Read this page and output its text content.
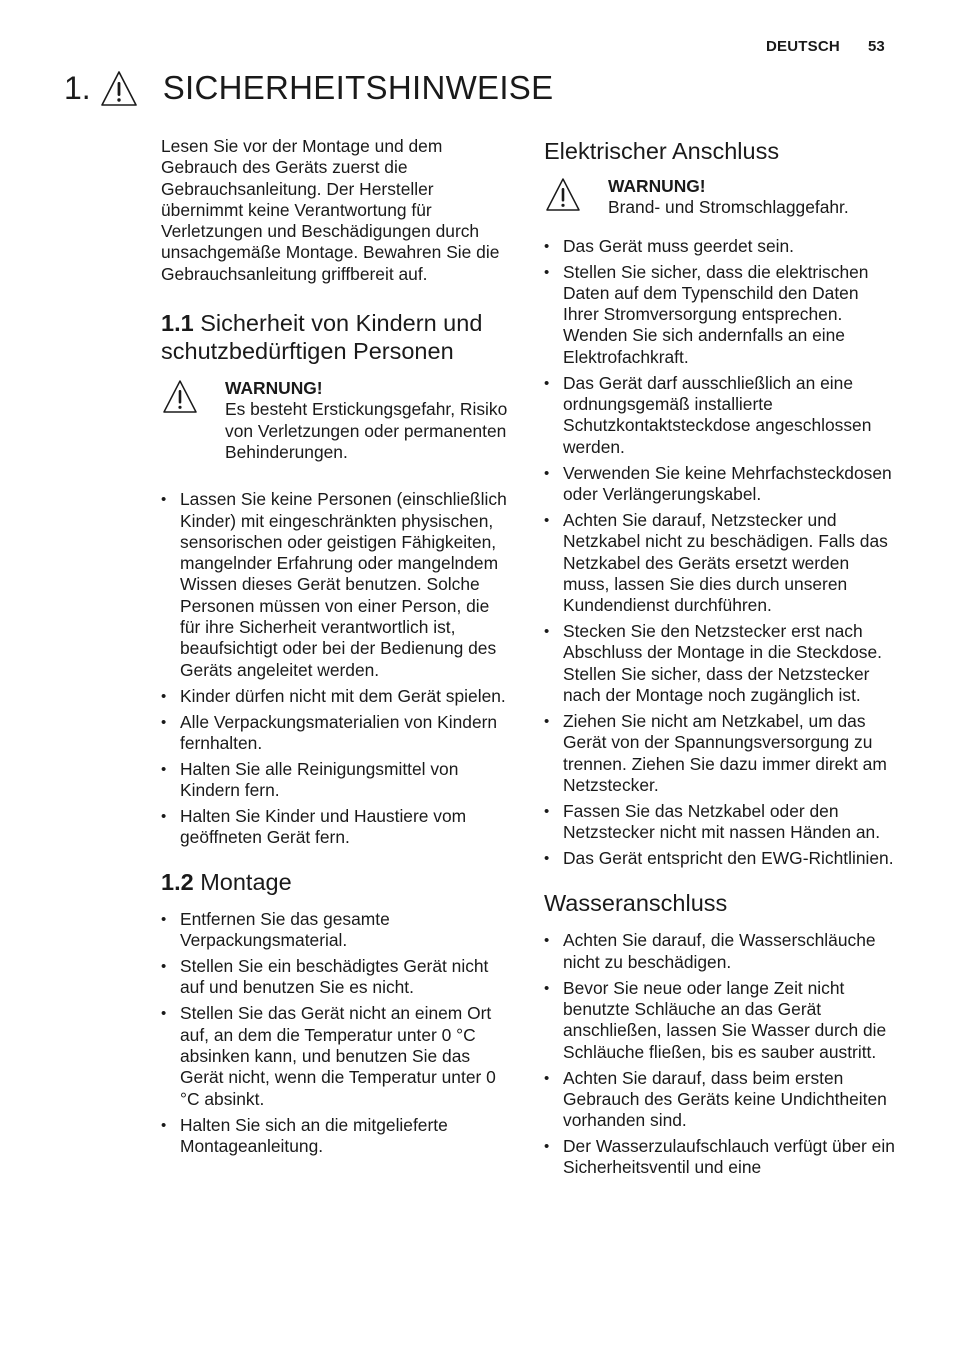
DEUTSCH 53
1. SICHERHEITSHINWEISE

Lesen Sie vor der Montage und dem Gebrauch des Geräts zuerst die Gebrauchsanleitung. Der Hersteller übernimmt keine Verantwortung für Verletzungen und Beschädigungen durch unsachgemäße Montage. Bewahren Sie die Gebrauchsanleitung griffbereit auf.

1.1 Sicherheit von Kindern und schutzbedürftigen Personen
WARNUNG!
Es besteht Erstickungsgefahr, Risiko von Verletzungen oder permanenten Behinderungen.
• Lassen Sie keine Personen (einschließlich Kinder) mit eingeschränkten physischen, sensorischen oder geistigen Fähigkeiten, mangelnder Erfahrung oder mangelndem Wissen dieses Gerät benutzen. Solche Personen müssen von einer Person, die für ihre Sicherheit verantwortlich ist, beaufsichtigt oder bei der Bedienung des Geräts angeleitet werden.
• Kinder dürfen nicht mit dem Gerät spielen.
• Alle Verpackungsmaterialien von Kindern fernhalten.
• Halten Sie alle Reinigungsmittel von Kindern fern.
• Halten Sie Kinder und Haustiere vom geöffneten Gerät fern.
1.2 Montage
• Entfernen Sie das gesamte Verpackungsmaterial.
• Stellen Sie ein beschädigtes Gerät nicht auf und benutzen Sie es nicht.
• Stellen Sie das Gerät nicht an einem Ort auf, an dem die Temperatur unter 0 °C absinken kann, und benutzen Sie das Gerät nicht, wenn die Temperatur unter 0 °C absinkt.
• Halten Sie sich an die mitgelieferte Montageanleitung.
Elektrischer Anschluss
WARNUNG!
Brand- und Stromschlaggefahr.
• Das Gerät muss geerdet sein.
• Stellen Sie sicher, dass die elektrischen Daten auf dem Typenschild den Daten Ihrer Stromversorgung entsprechen. Wenden Sie sich andernfalls an eine Elektrofachkraft.
• Das Gerät darf ausschließlich an eine ordnungsgemäß installierte Schutzkontaktsteckdose angeschlossen werden.
• Verwenden Sie keine Mehrfachsteckdosen oder Verlängerungskabel.
• Achten Sie darauf, Netzstecker und Netzkabel nicht zu beschädigen. Falls das Netzkabel des Geräts ersetzt werden muss, lassen Sie dies durch unseren Kundendienst durchführen.
• Stecken Sie den Netzstecker erst nach Abschluss der Montage in die Steckdose. Stellen Sie sicher, dass der Netzstecker nach der Montage noch zugänglich ist.
• Ziehen Sie nicht am Netzkabel, um das Gerät von der Spannungsversorgung zu trennen. Ziehen Sie dazu immer direkt am Netzstecker.
• Fassen Sie das Netzkabel oder den Netzstecker nicht mit nassen Händen an.
• Das Gerät entspricht den EWG-Richtlinien.
Wasseranschluss
• Achten Sie darauf, die Wasserschläuche nicht zu beschädigen.
• Bevor Sie neue oder lange Zeit nicht benutzte Schläuche an das Gerät anschließen, lassen Sie Wasser durch die Schläuche fließen, bis es sauber austritt.
• Achten Sie darauf, dass beim ersten Gebrauch des Geräts keine Undichtheiten vorhanden sind.
• Der Wasserzulaufschlauch verfügt über ein Sicherheitsventil und eine
